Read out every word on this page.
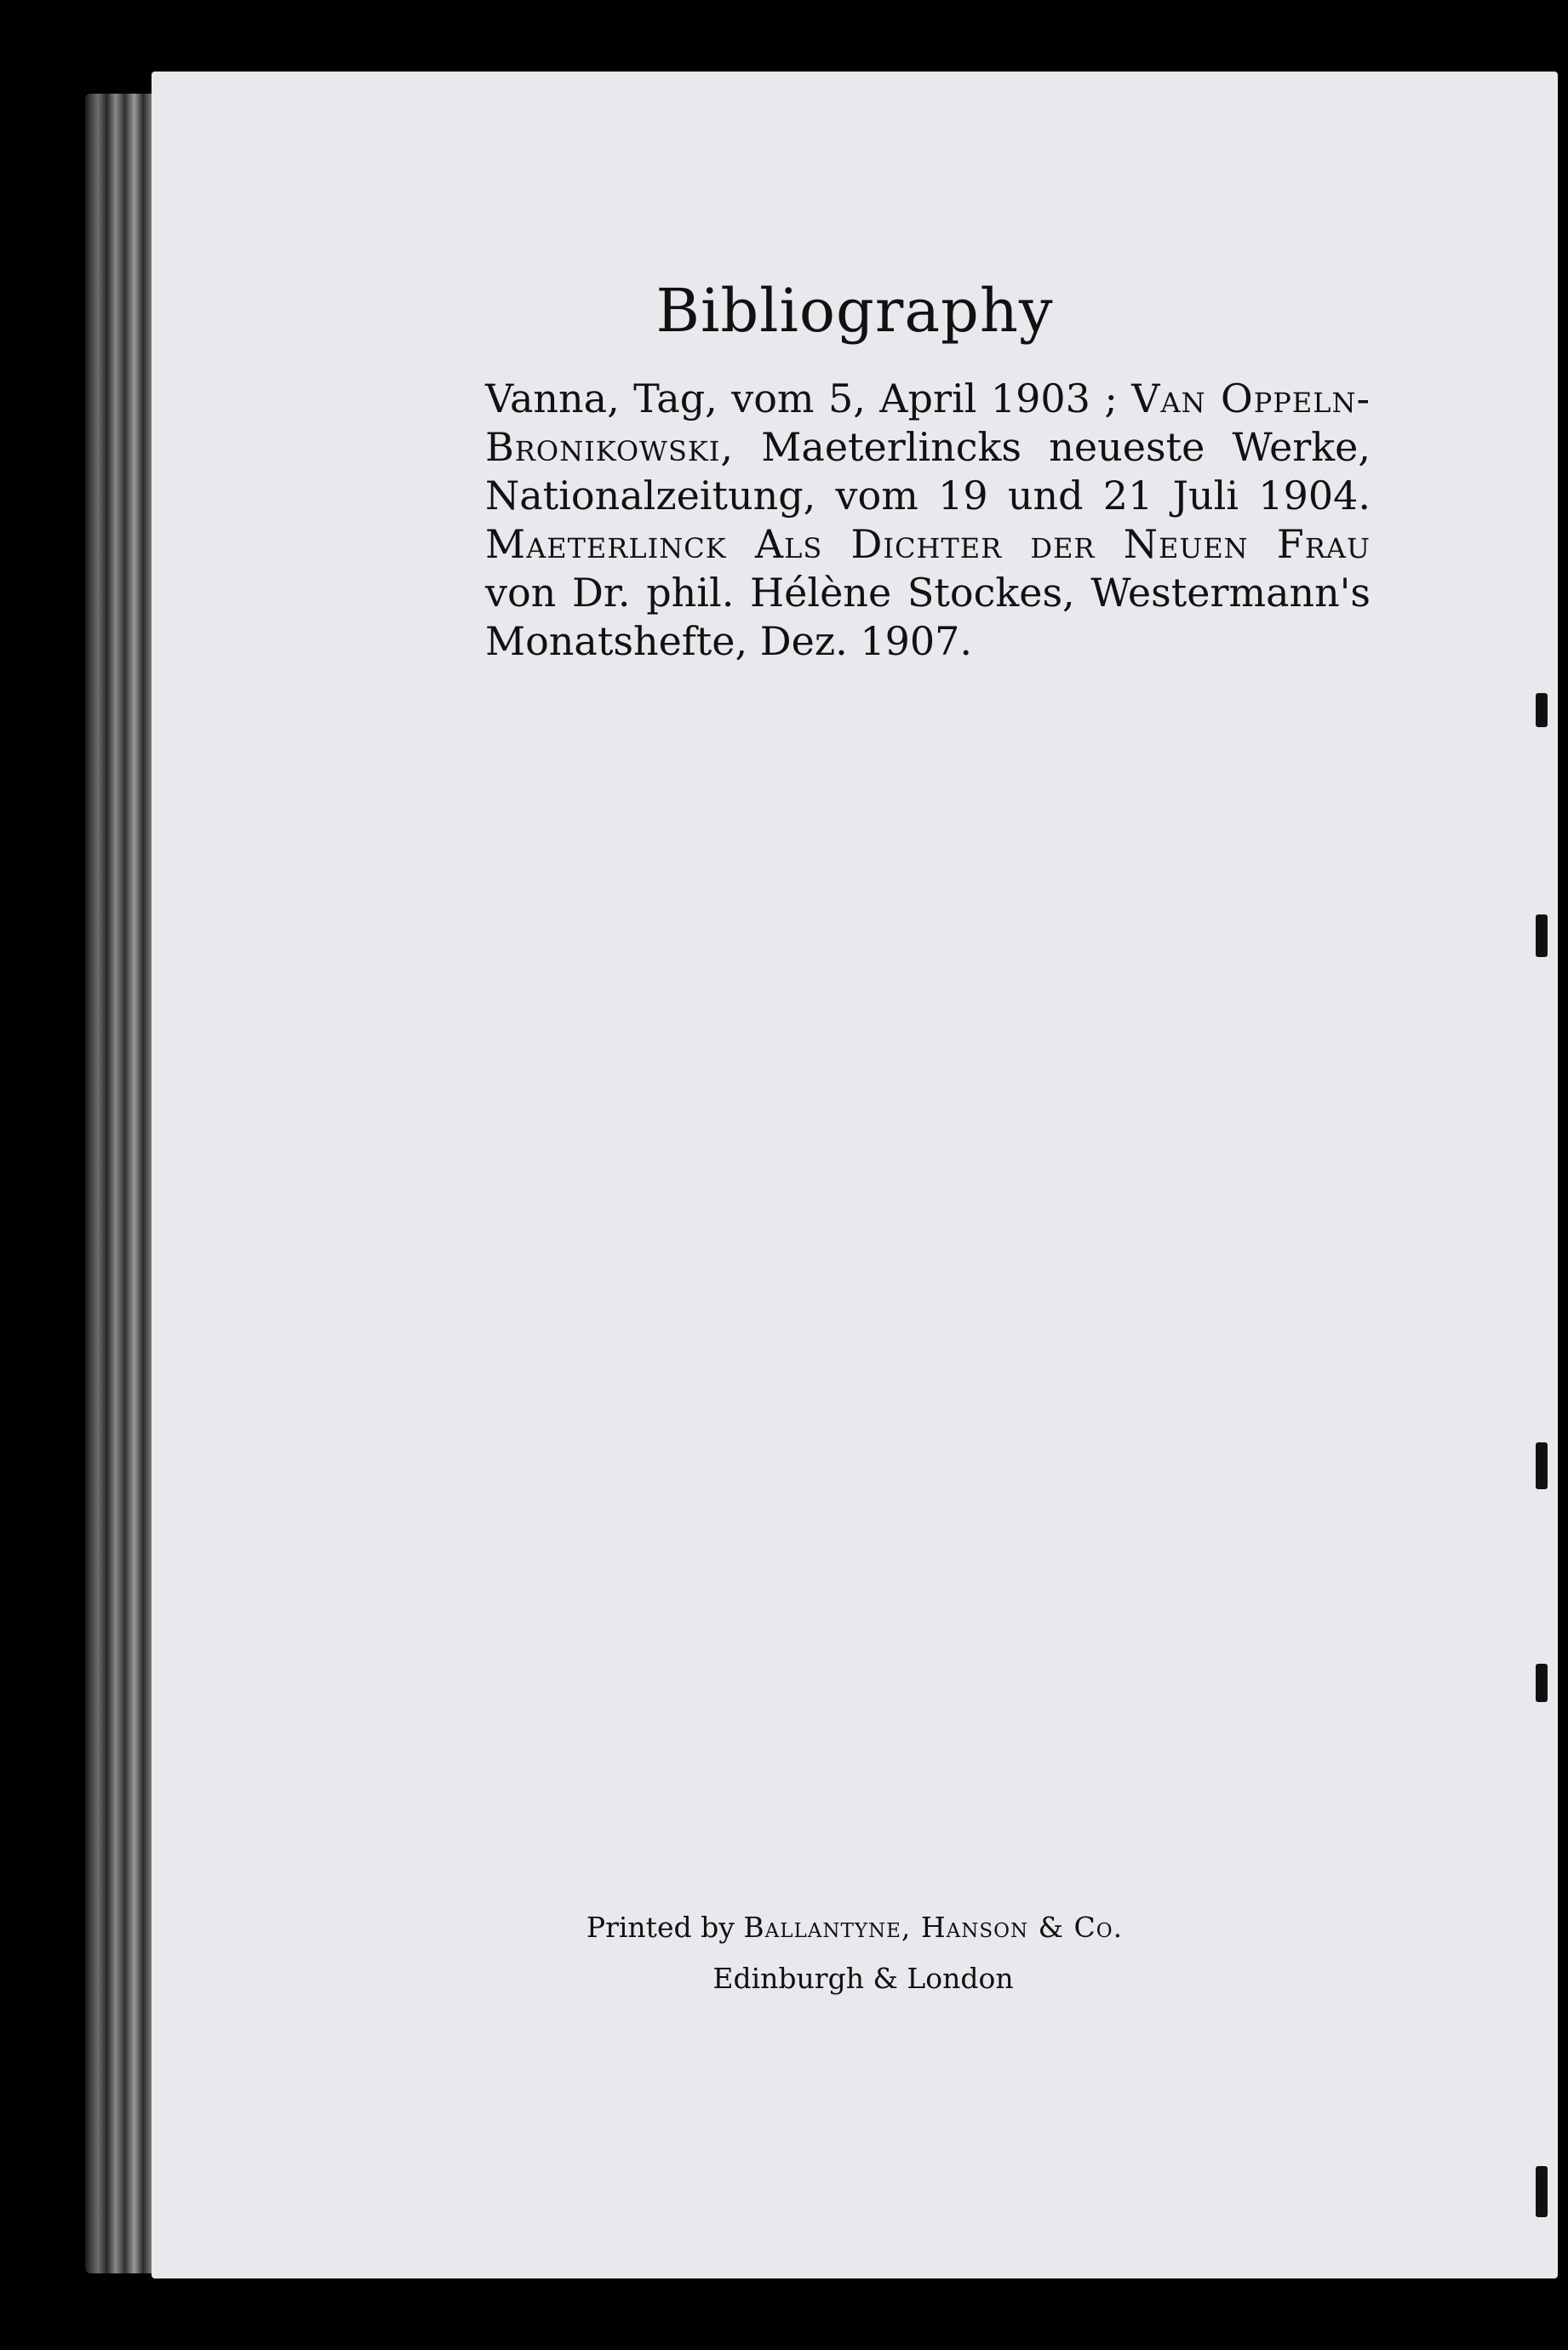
Bibliography
Vanna, Tag, vom 5, April 1903 ; Van Oppeln-
Bronikowski, Maeterlincks neueste Werke,
Nationalzeitung, vom 19 und 21 Juli 1904.
Maeterlinck Als Dichter der Neuen Frau
von Dr. phil. Hélène Stockes, Westermann's
Monatshefte, Dez. 1907.
Printed by Ballantyne, Hanson & Co.
Edinburgh & London
